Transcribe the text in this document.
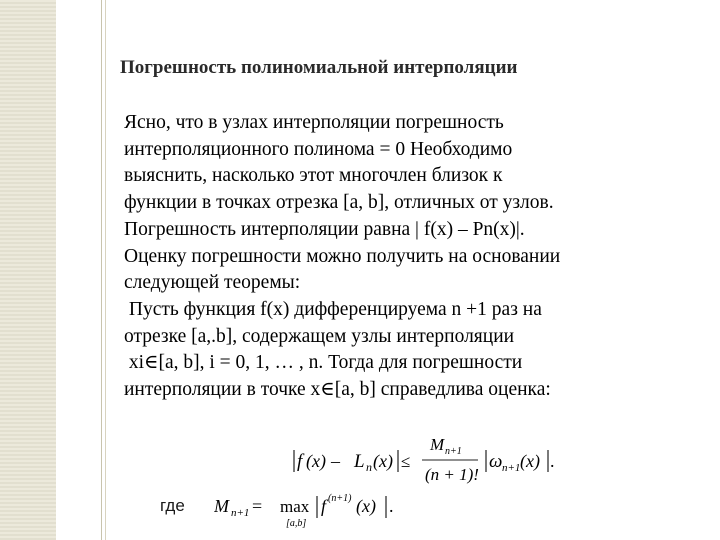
Погрешность полиномиальной интерполяции
Ясно, что в узлах интерполяции погрешность
интерполяционного полинома = 0 Необходимо
выяснить, насколько этот многочлен близок к
функции в точках отрезка [a, b], отличных от узлов.
Погрешность интерполяции равна | f(x) – Pn(x)|.
Оценку погрешности можно получить на основании
следующей теоремы:
Пусть функция f(x) дифференцируема n +1 раз на
отрезке [a,.b], содержащем узлы интерполяции
xi∈[a, b], i = 0, 1, … , n. Тогда для погрешности
интерполяции в точке x∈[a, b] справедлива оценка:
f (x) – L n (x) ≤
M n+1
(n + 1)!
ω n+1 (x) .
где M n+1 = max
[a,b]
f (n+1) (x) .
